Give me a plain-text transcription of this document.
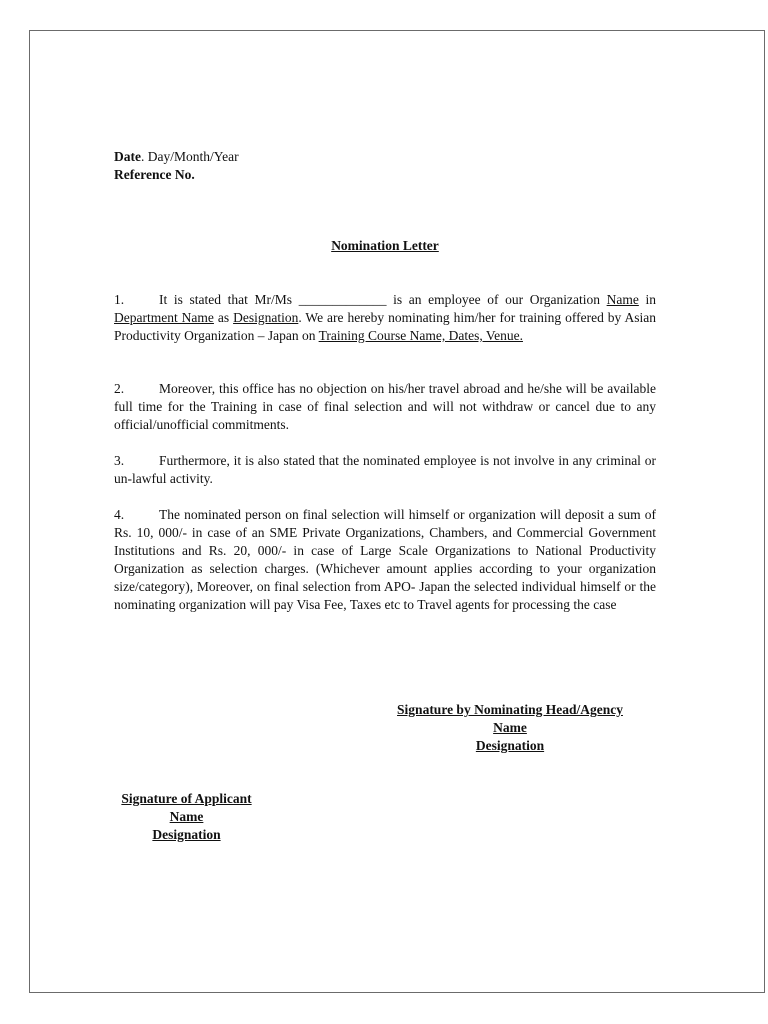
Date. Day/Month/Year
Reference No.
Nomination Letter
1.	It is stated that Mr/Ms _____________ is an employee of our Organization Name in Department Name as Designation. We are hereby nominating him/her for training offered by Asian Productivity Organization – Japan on Training Course Name, Dates, Venue.
2.	Moreover, this office has no objection on his/her travel abroad and he/she will be available full time for the Training in case of final selection and will not withdraw or cancel due to any official/unofficial commitments.
3.	Furthermore, it is also stated that the nominated employee is not involve in any criminal or un-lawful activity.
4.	The nominated person on final selection will himself or organization will deposit a sum of Rs. 10, 000/- in case of an SME Private Organizations, Chambers, and Commercial Government Institutions and Rs. 20, 000/- in case of Large Scale Organizations to National Productivity Organization as selection charges. (Whichever amount applies according to your organization size/category), Moreover, on final selection from APO- Japan the selected individual himself or the nominating organization will pay Visa Fee, Taxes etc to Travel agents for processing the case
Signature by Nominating Head/Agency
Name
Designation
Signature of Applicant
Name
Designation
